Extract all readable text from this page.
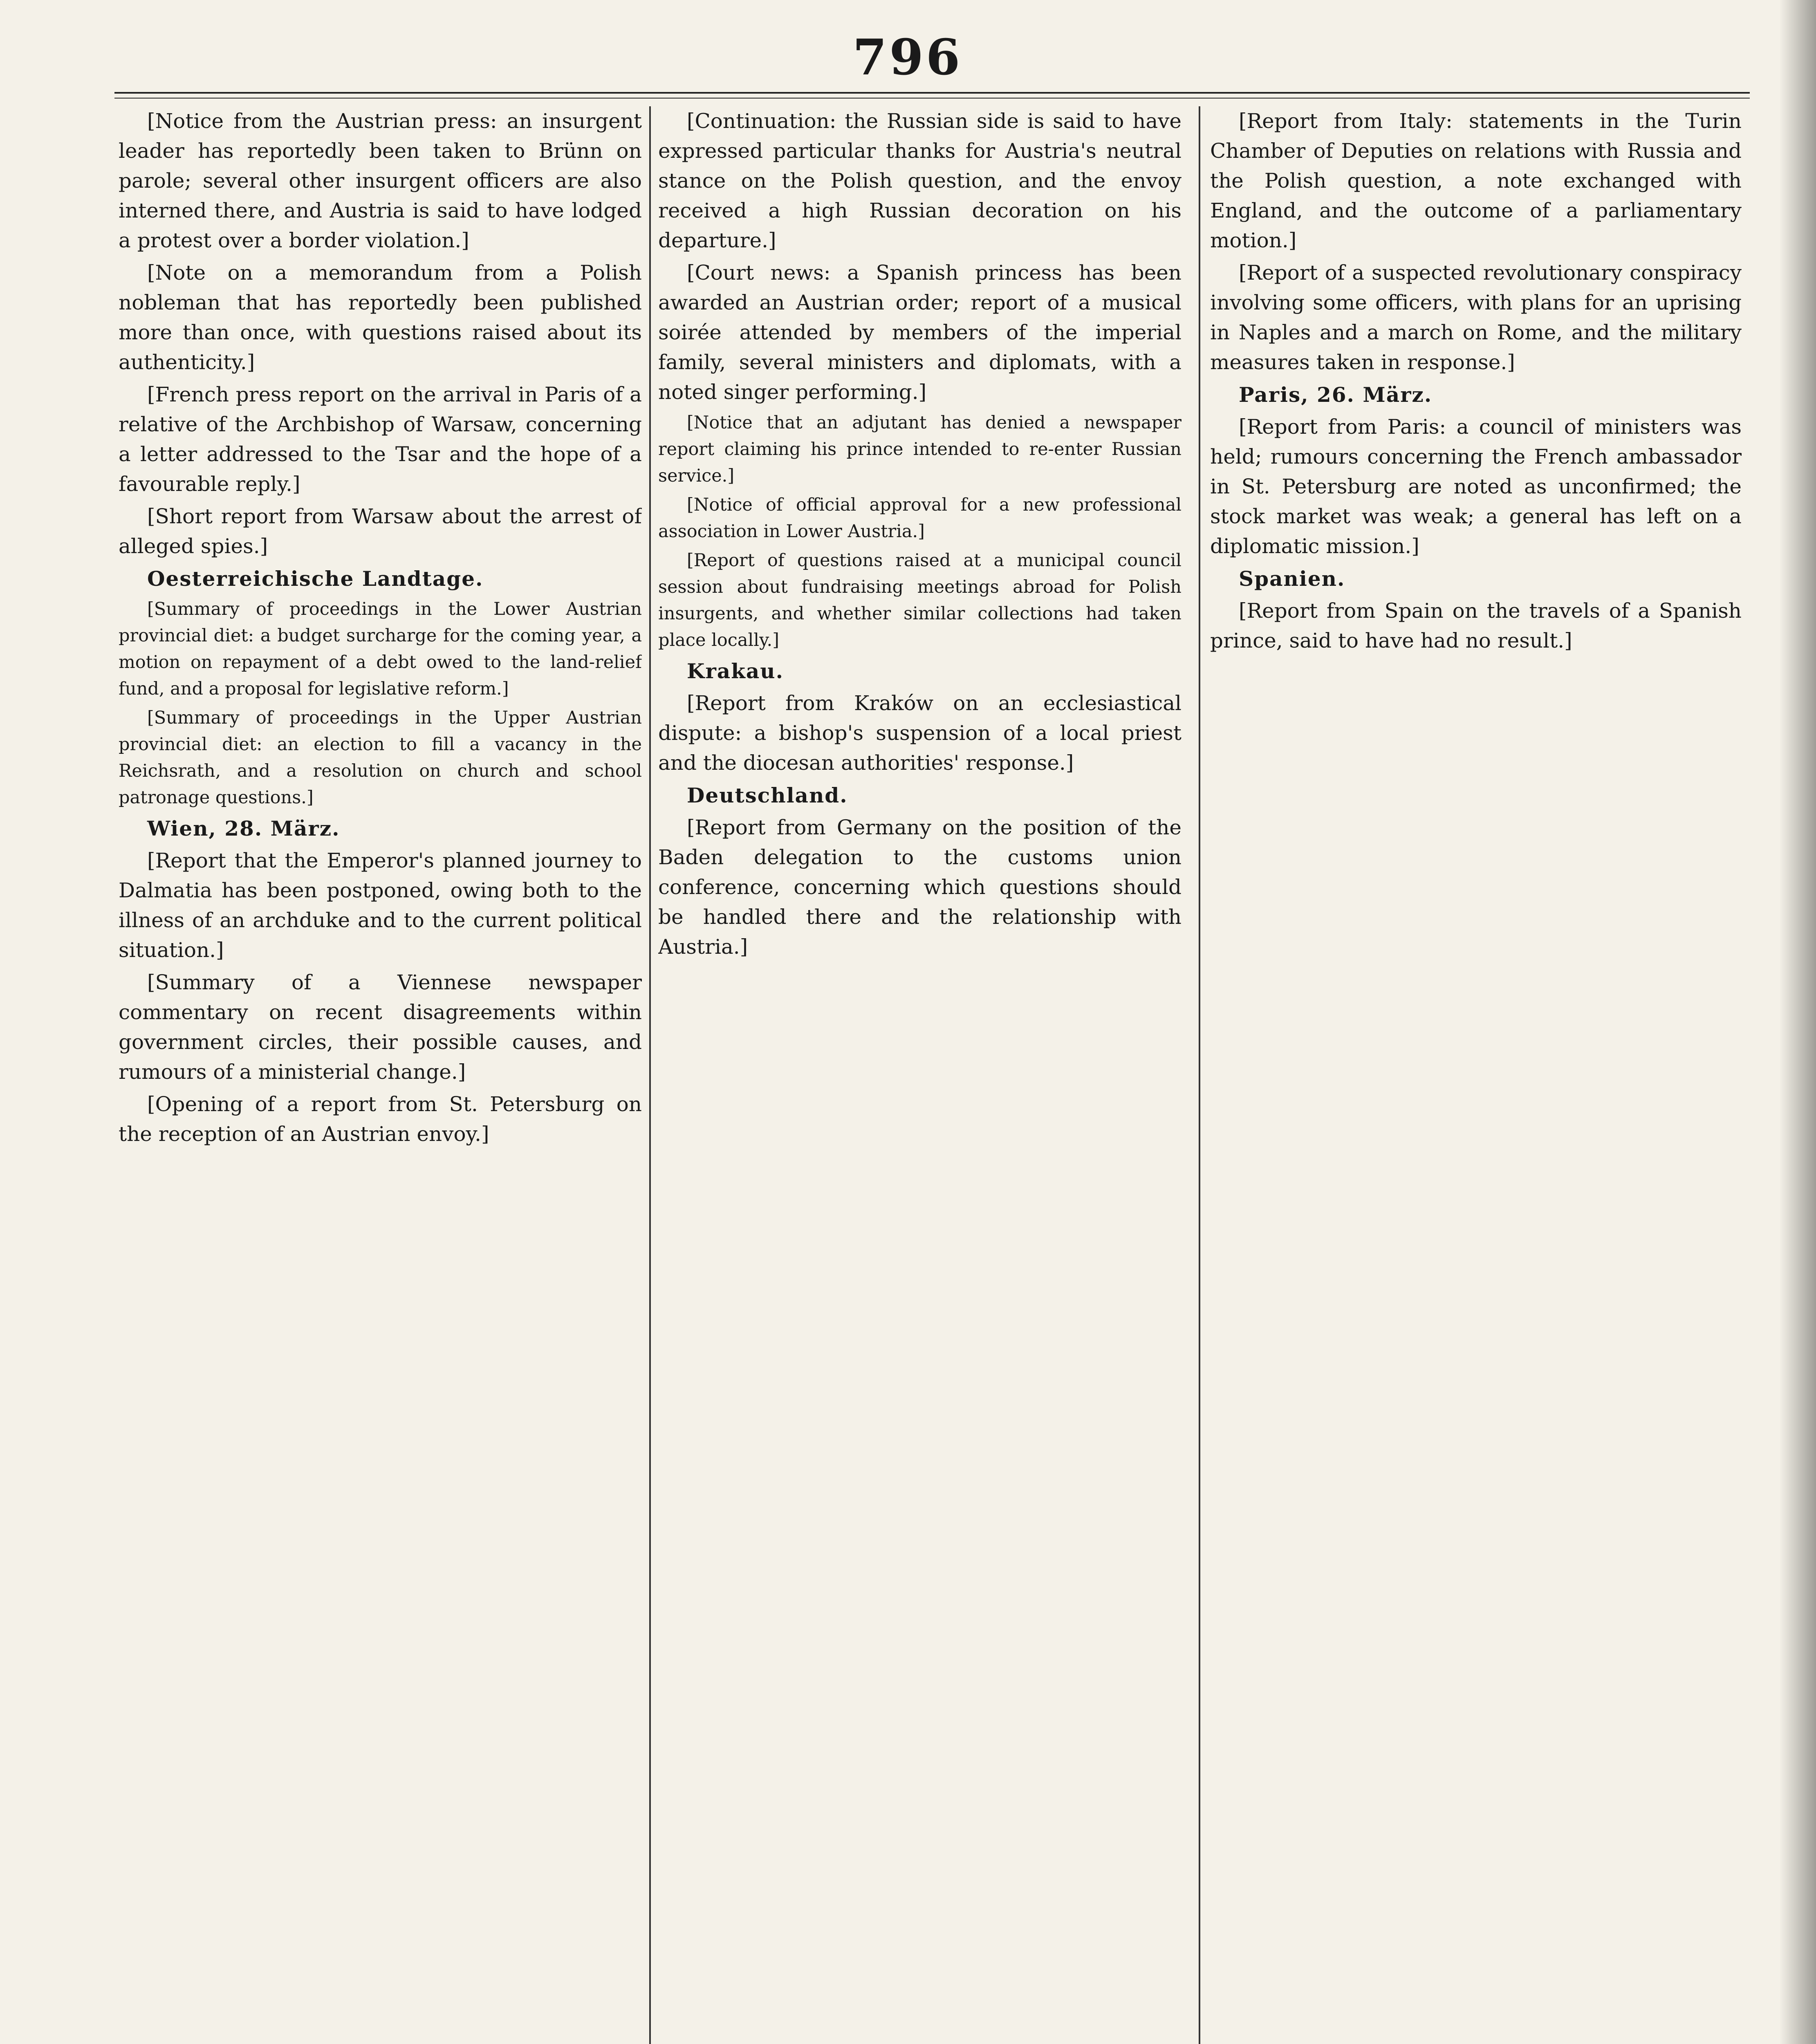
796

[Notice from the Austrian press: an insurgent leader has reportedly been taken to Brünn on parole; several other insurgent officers are also interned there, and Austria is said to have lodged a protest over a border violation.]

[Note on a memorandum from a Polish nobleman that has reportedly been published more than once, with questions raised about its authenticity.]

[French press report on the arrival in Paris of a relative of the Archbishop of Warsaw, concerning a letter addressed to the Tsar and the hope of a favourable reply.]

[Short report from Warsaw about the arrest of alleged spies.]

Oesterreichische Landtage.

[Summary of proceedings in the Lower Austrian provincial diet: a budget surcharge for the coming year, a motion on repayment of a debt owed to the land-relief fund, and a proposal for legislative reform.]

[Summary of proceedings in the Upper Austrian provincial diet: an election to fill a vacancy in the Reichsrath, and a resolution on church and school patronage questions.]

Wien, 28. März.

[Report that the Emperor's planned journey to Dalmatia has been postponed, owing both to the illness of an archduke and to the current political situation.]

[Summary of a Viennese newspaper commentary on recent disagreements within government circles, their possible causes, and rumours of a ministerial change.]

[Opening of a report from St. Petersburg on the reception of an Austrian envoy.]

[Continuation: the Russian side is said to have expressed particular thanks for Austria's neutral stance on the Polish question, and the envoy received a high Russian decoration on his departure.]

[Court news: a Spanish princess has been awarded an Austrian order; report of a musical soirée attended by members of the imperial family, several ministers and diplomats, with a noted singer performing.]

[Notice that an adjutant has denied a newspaper report claiming his prince intended to re-enter Russian service.]

[Notice of official approval for a new professional association in Lower Austria.]

[Report of questions raised at a municipal council session about fundraising meetings abroad for Polish insurgents, and whether similar collections had taken place locally.]

Krakau.

[Report from Kraków on an ecclesiastical dispute: a bishop's suspension of a local priest and the diocesan authorities' response.]

Deutschland.

[Report from Germany on the position of the Baden delegation to the customs union conference, concerning which questions should be handled there and the relationship with Austria.]

[Report from Italy: statements in the Turin Chamber of Deputies on relations with Russia and the Polish question, a note exchanged with England, and the outcome of a parliamentary motion.]

[Report of a suspected revolutionary conspiracy involving some officers, with plans for an uprising in Naples and a march on Rome, and the military measures taken in response.]

Paris, 26. März.

[Report from Paris: a council of ministers was held; rumours concerning the French ambassador in St. Petersburg are noted as unconfirmed; the stock market was weak; a general has left on a diplomatic mission.]

Spanien.

[Report from Spain on the travels of a Spanish prince, said to have had no result.]
